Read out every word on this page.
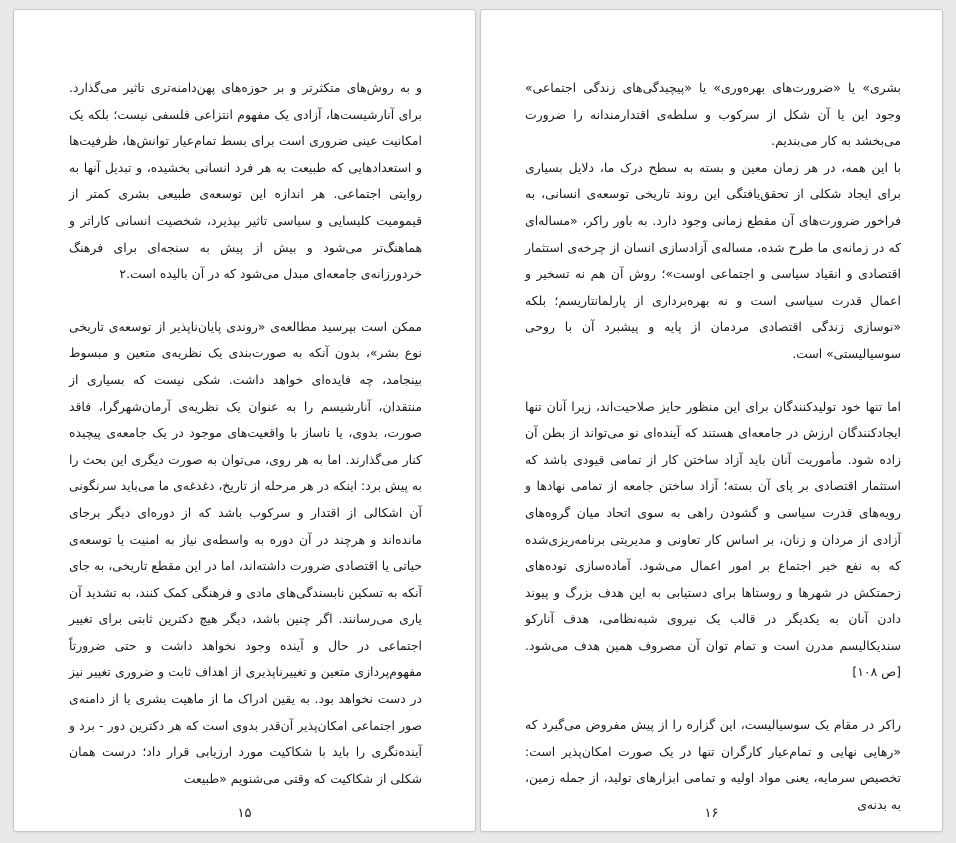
و به روش‌های متکثرتر و بر حوزه‌های پهن‌دامنه‌تری تاثیر می‌گذارد. برای آنارشیست‌ها، آزادی یک مفهوم انتزاعی فلسفی نیست؛ بلکه یک امکانیت عینی ضروری است برای بسط تمام‌عیار توانش‌ها، ظرفیت‌ها و استعدادهایی که طبیعت به هر فرد انسانی بخشیده، و تبدیل آنها به روایتی اجتماعی. هر اندازه این توسعه‌ی طبیعی بشری کمتر از قیمومیت کلیسایی و سیاسی تاثیر بپذیرد، شخصیت انسانی کاراتر و هماهنگ‌تر می‌شود و بیش از پیش به سنجه‌ای برای فرهنگ خردورزانه‌ی جامعه‌ای مبدل می‌شود که در آن بالیده است.۲

ممکن است بپرسید مطالعه‌ی «روندی پایان‌ناپذیر از توسعه‌ی تاریخی نوع بشر»، بدون آنکه به صورت‌بندی یک نظریه‌ی متعین و مبسوط بینجامد، چه فایده‌ای خواهد داشت. شکی نیست که بسیاری از منتقدان، آنارشیسم را به عنوان یک نظریه‌ی آرمان‌شهرگرا، فاقد صورت، بدوی، یا ناساز با واقعیت‌های موجود در یک جامعه‌ی پیچیده کنار می‌گذارند. اما به هر روی، می‌توان به صورت دیگری این بحث را به پیش برد: اینکه در هر مرحله از تاریخ، دغدغه‌ی ما می‌باید سرنگونی آن اشکالی از اقتدار و سرکوب باشد که از دوره‌ای دیگر برجای مانده‌اند و هرچند در آن دوره به واسطه‌ی نیاز به امنیت یا توسعه‌ی حیاتی یا اقتصادی ضرورت داشته‌اند، اما در این مقطع تاریخی، به جای آنکه به تسکین نابسندگی‌های مادی و فرهنگی کمک کنند، به تشدید آن یاری می‌رسانند. اگر چنین باشد، دیگر هیچ دکترین ثابتی برای تغییر اجتماعی در حال و آینده وجود نخواهد داشت و حتی ضرورتاً مفهوم‌پردازی متعین و تغییرناپذیری از اهداف ثابت و ضروری تغییر نیز در دست نخواهد بود. به یقین ادراک ما از ماهیت بشری یا از دامنه‌ی صور اجتماعی امکان‌پذیر آن‌قدر بدوی است که هر دکترین دور - برد و آینده‌نگری را باید با شکاکیت مورد ارزیابی قرار داد؛ درست همان شکلی از شکاکیت که وقتی می‌شنویم «طبیعت

۱۵

بشری» یا «ضرورت‌های بهره‌وری» یا «پیچیدگی‌های زندگی اجتماعی» وجود این یا آن شکل از سرکوب و سلطه‌ی اقتدارمندانه را ضرورت می‌بخشد به کار می‌بندیم.

با این همه، در هر زمان معین و بسته به سطح درک ما، دلایل بسیاری برای ایجاد شکلی از تحقق‌یافتگی این روند تاریخی توسعه‌ی انسانی، به فراخور ضرورت‌های آن مقطع زمانی وجود دارد. به باور راکر، «مساله‌ای که در زمانه‌ی ما طرح شده، مساله‌ی آزادسازی انسان از چرخه‌ی استثمار اقتصادی و انقیاد سیاسی و اجتماعی اوست»؛ روش آن هم نه تسخیر و اعمال قدرت سیاسی است و نه بهره‌برداری از پارلمانتاریسم؛ بلکه «نوسازی زندگی اقتصادی مردمان از پایه و پیشبرد آن با روحی سوسیالیستی» است.

اما تنها خود تولیدکنندگان برای این منظور حایز صلاحیت‌اند، زیرا آنان تنها ایجادکنندگان ارزش در جامعه‌ای هستند که آینده‌ای نو می‌تواند از بطن آن زاده شود. مأموریت آنان باید آزاد ساختن کار از تمامی قیودی باشد که استثمار اقتصادی بر پای آن بسته؛ آزاد ساختن جامعه از تمامی نهادها و رویه‌های قدرت سیاسی و گشودن راهی به سوی اتحاد میان گروه‌های آزادی از مردان و زنان، بر اساس کار تعاونی و مدیریتی برنامه‌ریزی‌شده که به نفع خیر اجتماع بر امور اعمال می‌شود. آماده‌سازی توده‌های زحمتکش در شهرها و روستاها برای دستیابی به این هدف بزرگ و پیوند دادن آنان به یکدیگر در قالب یک نیروی شبه‌نظامی، هدف آنارکو سندیکالیسم مدرن است و تمام توان آن مصروف همین هدف می‌شود. [ص ۱۰۸]

راکر در مقام یک سوسیالیست، این گزاره را از پیش مفروض می‌گیرد که «رهایی نهایی و تمام‌عیار کارگران تنها در یک صورت امکان‌پذیر است: تخصیص سرمایه، یعنی مواد اولیه و تمامی ابزارهای تولید، از جمله زمین، به بدنه‌ی

۱۶
